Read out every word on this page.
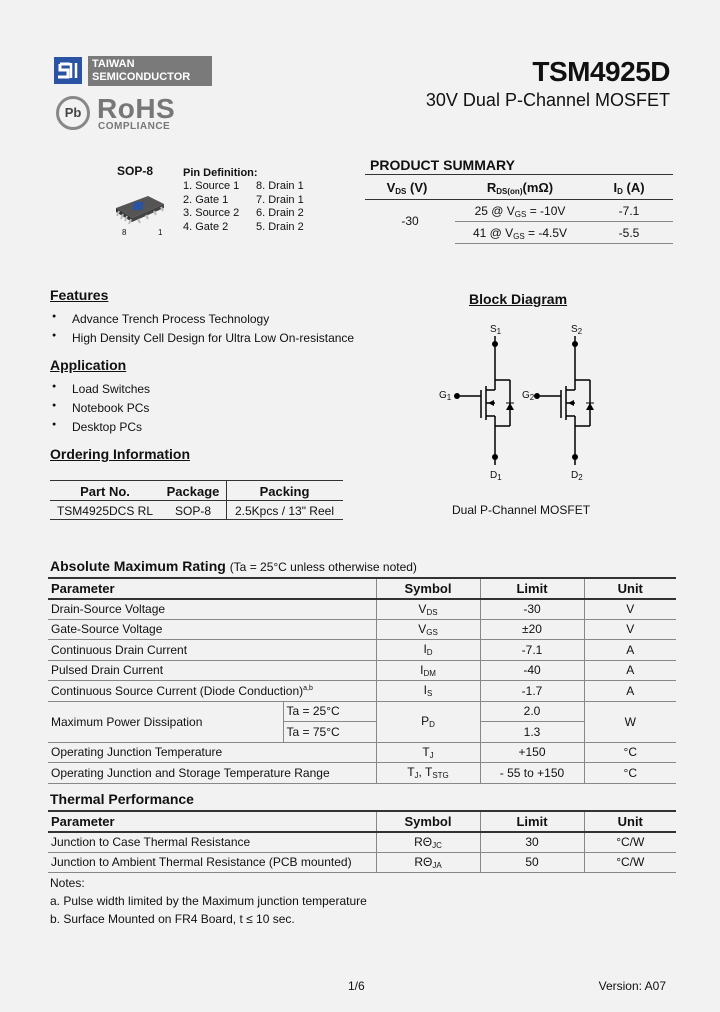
TAIWAN
SEMICONDUCTOR
Pb RoHS
COMPLIANCE
TSM4925D
30V Dual P-Channel MOSFET
SOP-8
8	1
Pin Definition:
1. Source 1
2. Gate 1
3. Source 2
4. Gate 2
8. Drain 1
7. Drain 1
6. Drain 2
5. Drain 2
PRODUCT SUMMARY
$V_{DS}$ (V)	$R_{DS(on)}(m\Omega)$	$I_D$ (A)
-30
25 @ $V_{GS} = -10V$	-7.1
41 @ $V_{GS} = -4.5V$	-5.5
Features
● Advance Trench Process Technology
● High Density Cell Design for Ultra Low On-resistance
Application
● Load Switches
● Notebook PCs
● Desktop PCs
Ordering Information
Part No.	Package	Packing
TSM4925DCS RL	SOP-8	2.5Kpcs / 13" Reel
Block Diagram
$S_1$	$S_2$
$G_1$	$G_2$
$D_1$	$D_2$
Dual P-Channel MOSFET
Absolute Maximum Rating (Ta = 25°C unless otherwise noted)
Parameter		Symbol	Limit	Unit
Drain-Source Voltage		$V_{DS}$	-30	V
Gate-Source Voltage		$V_{GS}$	±20	V
Continuous Drain Current		$I_D$	-7.1	A
Pulsed Drain Current		$I_{DM}$	-40	A
Continuous Source Current (Diode Conduction)$^{a,b}$		$I_S$	-1.7	A
Maximum Power Dissipation	Ta = 25°C	$P_D$	2.0	W
	Ta = 75°C		1.3	
Operating Junction Temperature		$T_J$	+150	°C
Operating Junction and Storage Temperature Range		$T_J$, $T_{STG}$	- 55 to +150	°C
Thermal Performance
Parameter	Symbol	Limit	Unit
Junction to Case Thermal Resistance	$R\Theta_{JC}$	30	°C/W
Junction to Ambient Thermal Resistance (PCB mounted)	$R\Theta_{JA}$	50	°C/W
Notes:
a. Pulse width limited by the Maximum junction temperature
b. Surface Mounted on FR4 Board, t ≤ 10 sec.
1/6	Version: A07
